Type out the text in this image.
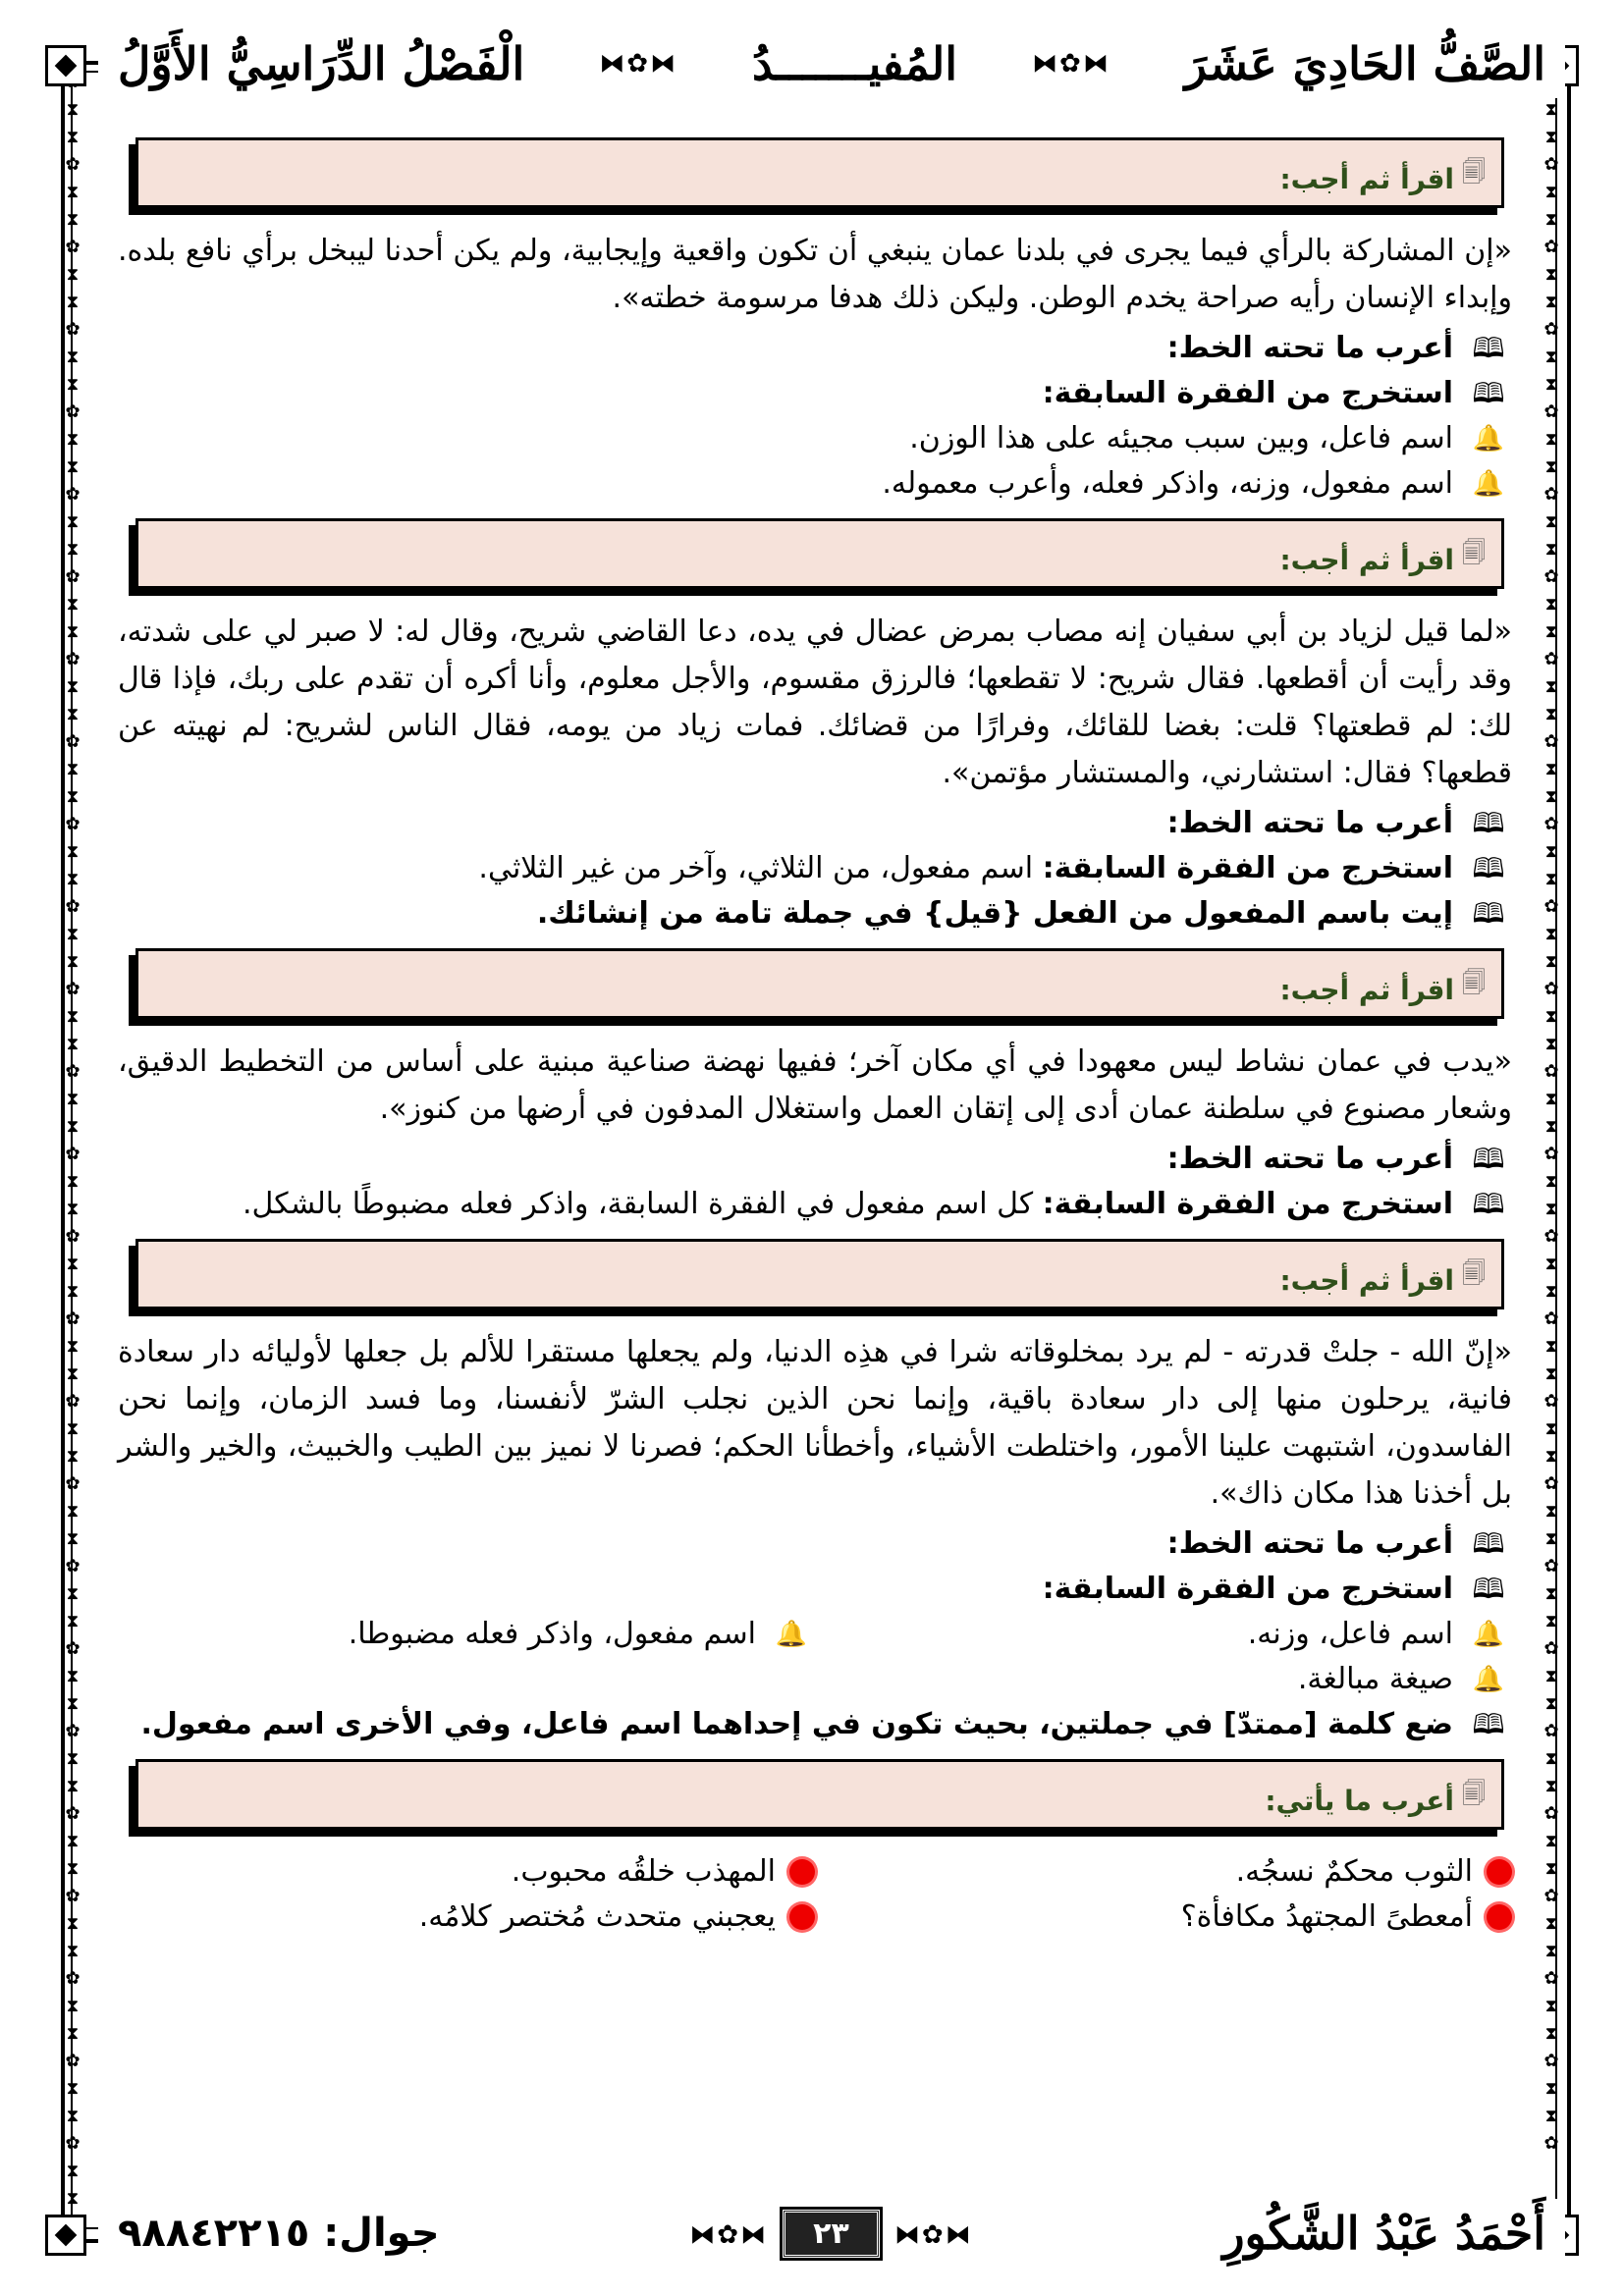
⧗
⧗
✿
⧗
⧗
✿
⧗
⧗
✿
⧗
⧗
✿
⧗
⧗
✿
⧗
⧗
✿
⧗
⧗
✿
⧗
⧗
✿
⧗
⧗
✿
⧗
⧗
✿
⧗
⧗
✿
⧗
⧗
✿
⧗
⧗
✿
⧗
⧗
✿
⧗
⧗
✿
⧗
⧗
✿
⧗
⧗
✿
⧗
⧗
✿
⧗
⧗
✿
⧗
⧗
✿
⧗
⧗
✿
⧗
⧗
✿
⧗
⧗
✿
⧗
⧗
✿
⧗
⧗
✿
⧗
⧗

⧗
⧗
✿
⧗
⧗
✿
⧗
⧗
✿
⧗
⧗
✿
⧗
⧗
✿
⧗
⧗
✿
⧗
⧗
✿
⧗
⧗
✿
⧗
⧗
✿
⧗
⧗
✿
⧗
⧗
✿
⧗
⧗
✿
⧗
⧗
✿
⧗
⧗
✿
⧗
⧗
✿
⧗
⧗
✿
⧗
⧗
✿
⧗
⧗
✿
⧗
⧗
✿
⧗
⧗
✿
⧗
⧗
✿
⧗
⧗
✿
⧗
⧗
✿
⧗
⧗
✿
⧗
⧗
✿
الصَّفُّ الحَادِيَ عَشَرَ
⧓✿⧓
المُفيـــــــدُ
⧓✿⧓
الْفَصْلُ الدِّرَاسِيُّ الأَوَّلُ
🗐
اقرأ ثم أجب:

«إن المشاركة بالرأي فيما يجرى في بلدنا عمان ينبغي أن تكون واقعية وإيجابية، ولم يكن أحدنا ليبخل برأي نافع بلده. وإبداء الإنسان رأيه صراحة يخدم الوطن. وليكن ذلك هدفا مرسومة خطته».

🕮
أعرب ما تحته الخط:
🕮
استخرج من الفقرة السابقة:
🔔
اسم فاعل، وبين سبب مجيئه على هذا الوزن.
🔔
اسم مفعول، وزنه، واذكر فعله، وأعرب معموله.
🗐
اقرأ ثم أجب:

«لما قيل لزياد بن أبي سفيان إنه مصاب بمرض عضال في يده، دعا القاضي شريح، وقال له: لا صبر لي على شدته، وقد رأيت أن أقطعها. فقال شريح: لا تقطعها؛ فالرزق مقسوم، والأجل معلوم، وأنا أكره أن تقدم على ربك، فإذا قال لك: لم قطعتها؟ قلت: بغضا للقائك، وفرارًا من قضائك. فمات زياد من يومه، فقال الناس لشريح: لم نهيته عن قطعها؟ فقال: استشارني، والمستشار مؤتمن».

🕮
أعرب ما تحته الخط:
🕮
استخرج من الفقرة السابقة:

اسم مفعول، من الثلاثي، وآخر من غير الثلاثي.
🕮
إيت باسم المفعول من الفعل {قيل} في جملة تامة من إنشائك.
🗐
اقرأ ثم أجب:

«يدب في عمان نشاط ليس معهودا في أي مكان آخر؛ ففيها نهضة صناعية مبنية على أساس من التخطيط الدقيق، وشعار مصنوع في سلطنة عمان أدى إلى إتقان العمل واستغلال المدفون في أرضها من كنوز».

🕮
أعرب ما تحته الخط:
🕮
استخرج من الفقرة السابقة:

كل اسم مفعول في الفقرة السابقة، واذكر فعله مضبوطًا بالشكل.
🗐
اقرأ ثم أجب:

«إنّ الله - جلتْ قدرته - لم يرد بمخلوقاته شرا في هذِه الدنيا، ولم يجعلها مستقرا للألم بل جعلها لأوليائه دار سعادة فانية، يرحلون منها إلى دار سعادة باقية، وإنما نحن الذين نجلب الشرّ لأنفسنا، وما فسد الزمان، وإنما نحن الفاسدون، اشتبهت علينا الأمور، واختلطت الأشياء، وأخطأنا الحكم؛ فصرنا لا نميز بين الطيب والخبيث، والخير والشر بل أخذنا هذا مكان ذاك».

🕮
أعرب ما تحته الخط:
🕮
استخرج من الفقرة السابقة:
🔔
اسم فاعل، وزنه.
🔔
اسم مفعول، واذكر فعله مضبوطا.
🔔
صيغة مبالغة.
🕮
ضع كلمة [ممتدّ] في جملتين، بحيث تكون في إحداهما اسم فاعل، وفي الأخرى اسم مفعول.
🗐
أعرب ما يأتي:
الثوب محكمٌ نسجُه.
المهذب خلقُه محبوب.
أمعطىً المجتهدُ مكافأة؟
يعجبني متحدث مُختصر كلامُه.
أَحْمَدُ عَبْدُ الشَّكُورِ
⧓✿⧓ ٢٣ ⧓✿⧓
جوال: ٩٨٨٤٢٢١٥
